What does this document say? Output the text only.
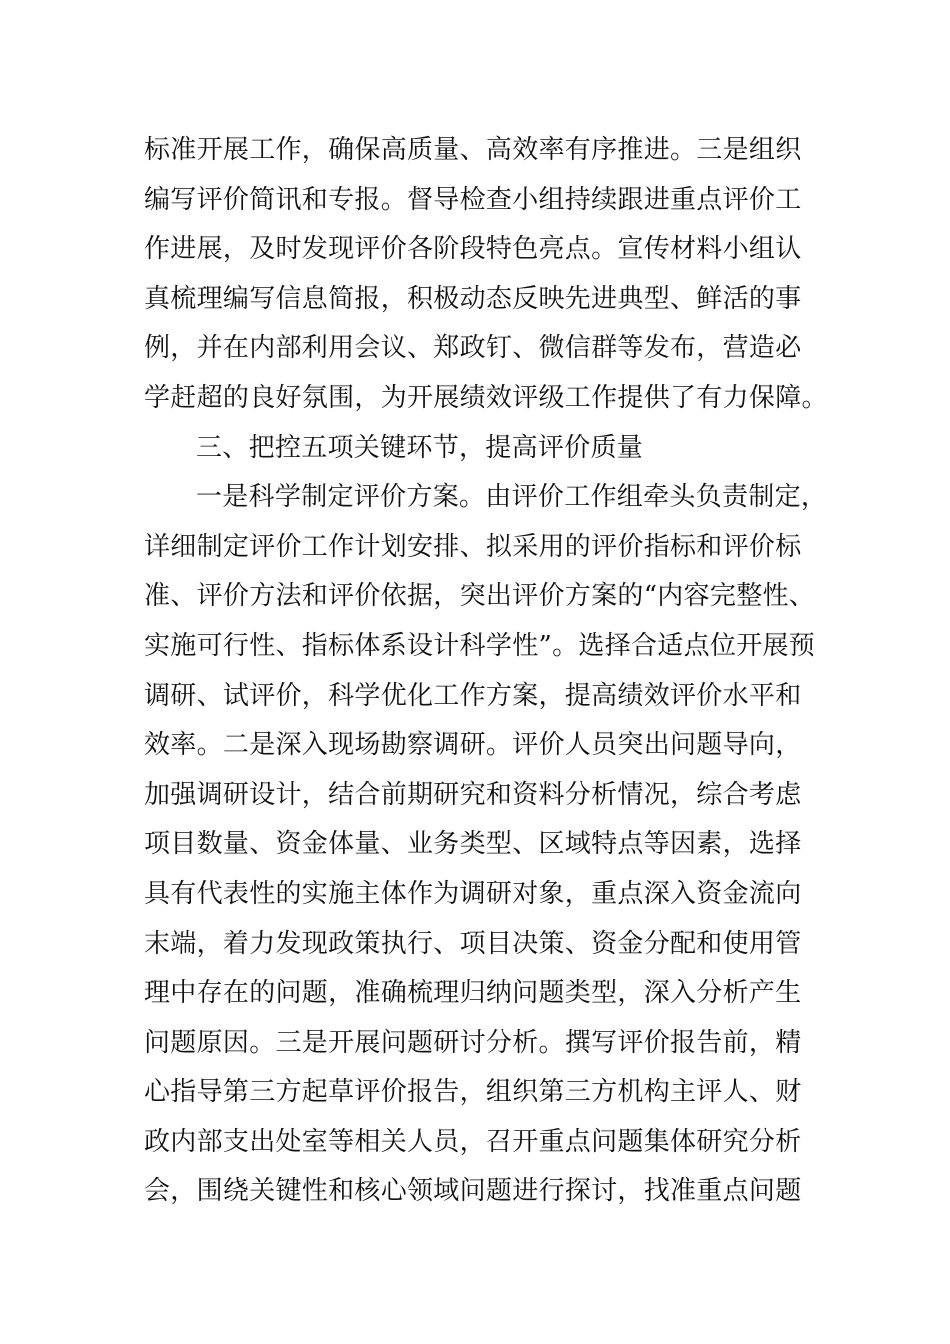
标准开展工作，确保高质量、高效率有序推进。三是组织
编写评价简讯和专报。督导检查小组持续跟进重点评价工
作进展，及时发现评价各阶段特色亮点。宣传材料小组认
真梳理编写信息简报，积极动态反映先进典型、鲜活的事
例，并在内部利用会议、郑政钉、微信群等发布，营造必
学赶超的良好氛围，为开展绩效评级工作提供了有力保障。
三、把控五项关键环节，提高评价质量
一是科学制定评价方案。由评价工作组牵头负责制定，
详细制定评价工作计划安排、拟采用的评价指标和评价标
准、评价方法和评价依据，突出评价方案的“内容完整性、
实施可行性、指标体系设计科学性”。选择合适点位开展预
调研、试评价，科学优化工作方案，提高绩效评价水平和
效率。二是深入现场勘察调研。评价人员突出问题导向，
加强调研设计，结合前期研究和资料分析情况，综合考虑
项目数量、资金体量、业务类型、区域特点等因素，选择
具有代表性的实施主体作为调研对象，重点深入资金流向
末端，着力发现政策执行、项目决策、资金分配和使用管
理中存在的问题，准确梳理归纳问题类型，深入分析产生
问题原因。三是开展问题研讨分析。撰写评价报告前，精
心指导第三方起草评价报告，组织第三方机构主评人、财
政内部支出处室等相关人员，召开重点问题集体研究分析
会，围绕关键性和核心领域问题进行探讨，找准重点问题
